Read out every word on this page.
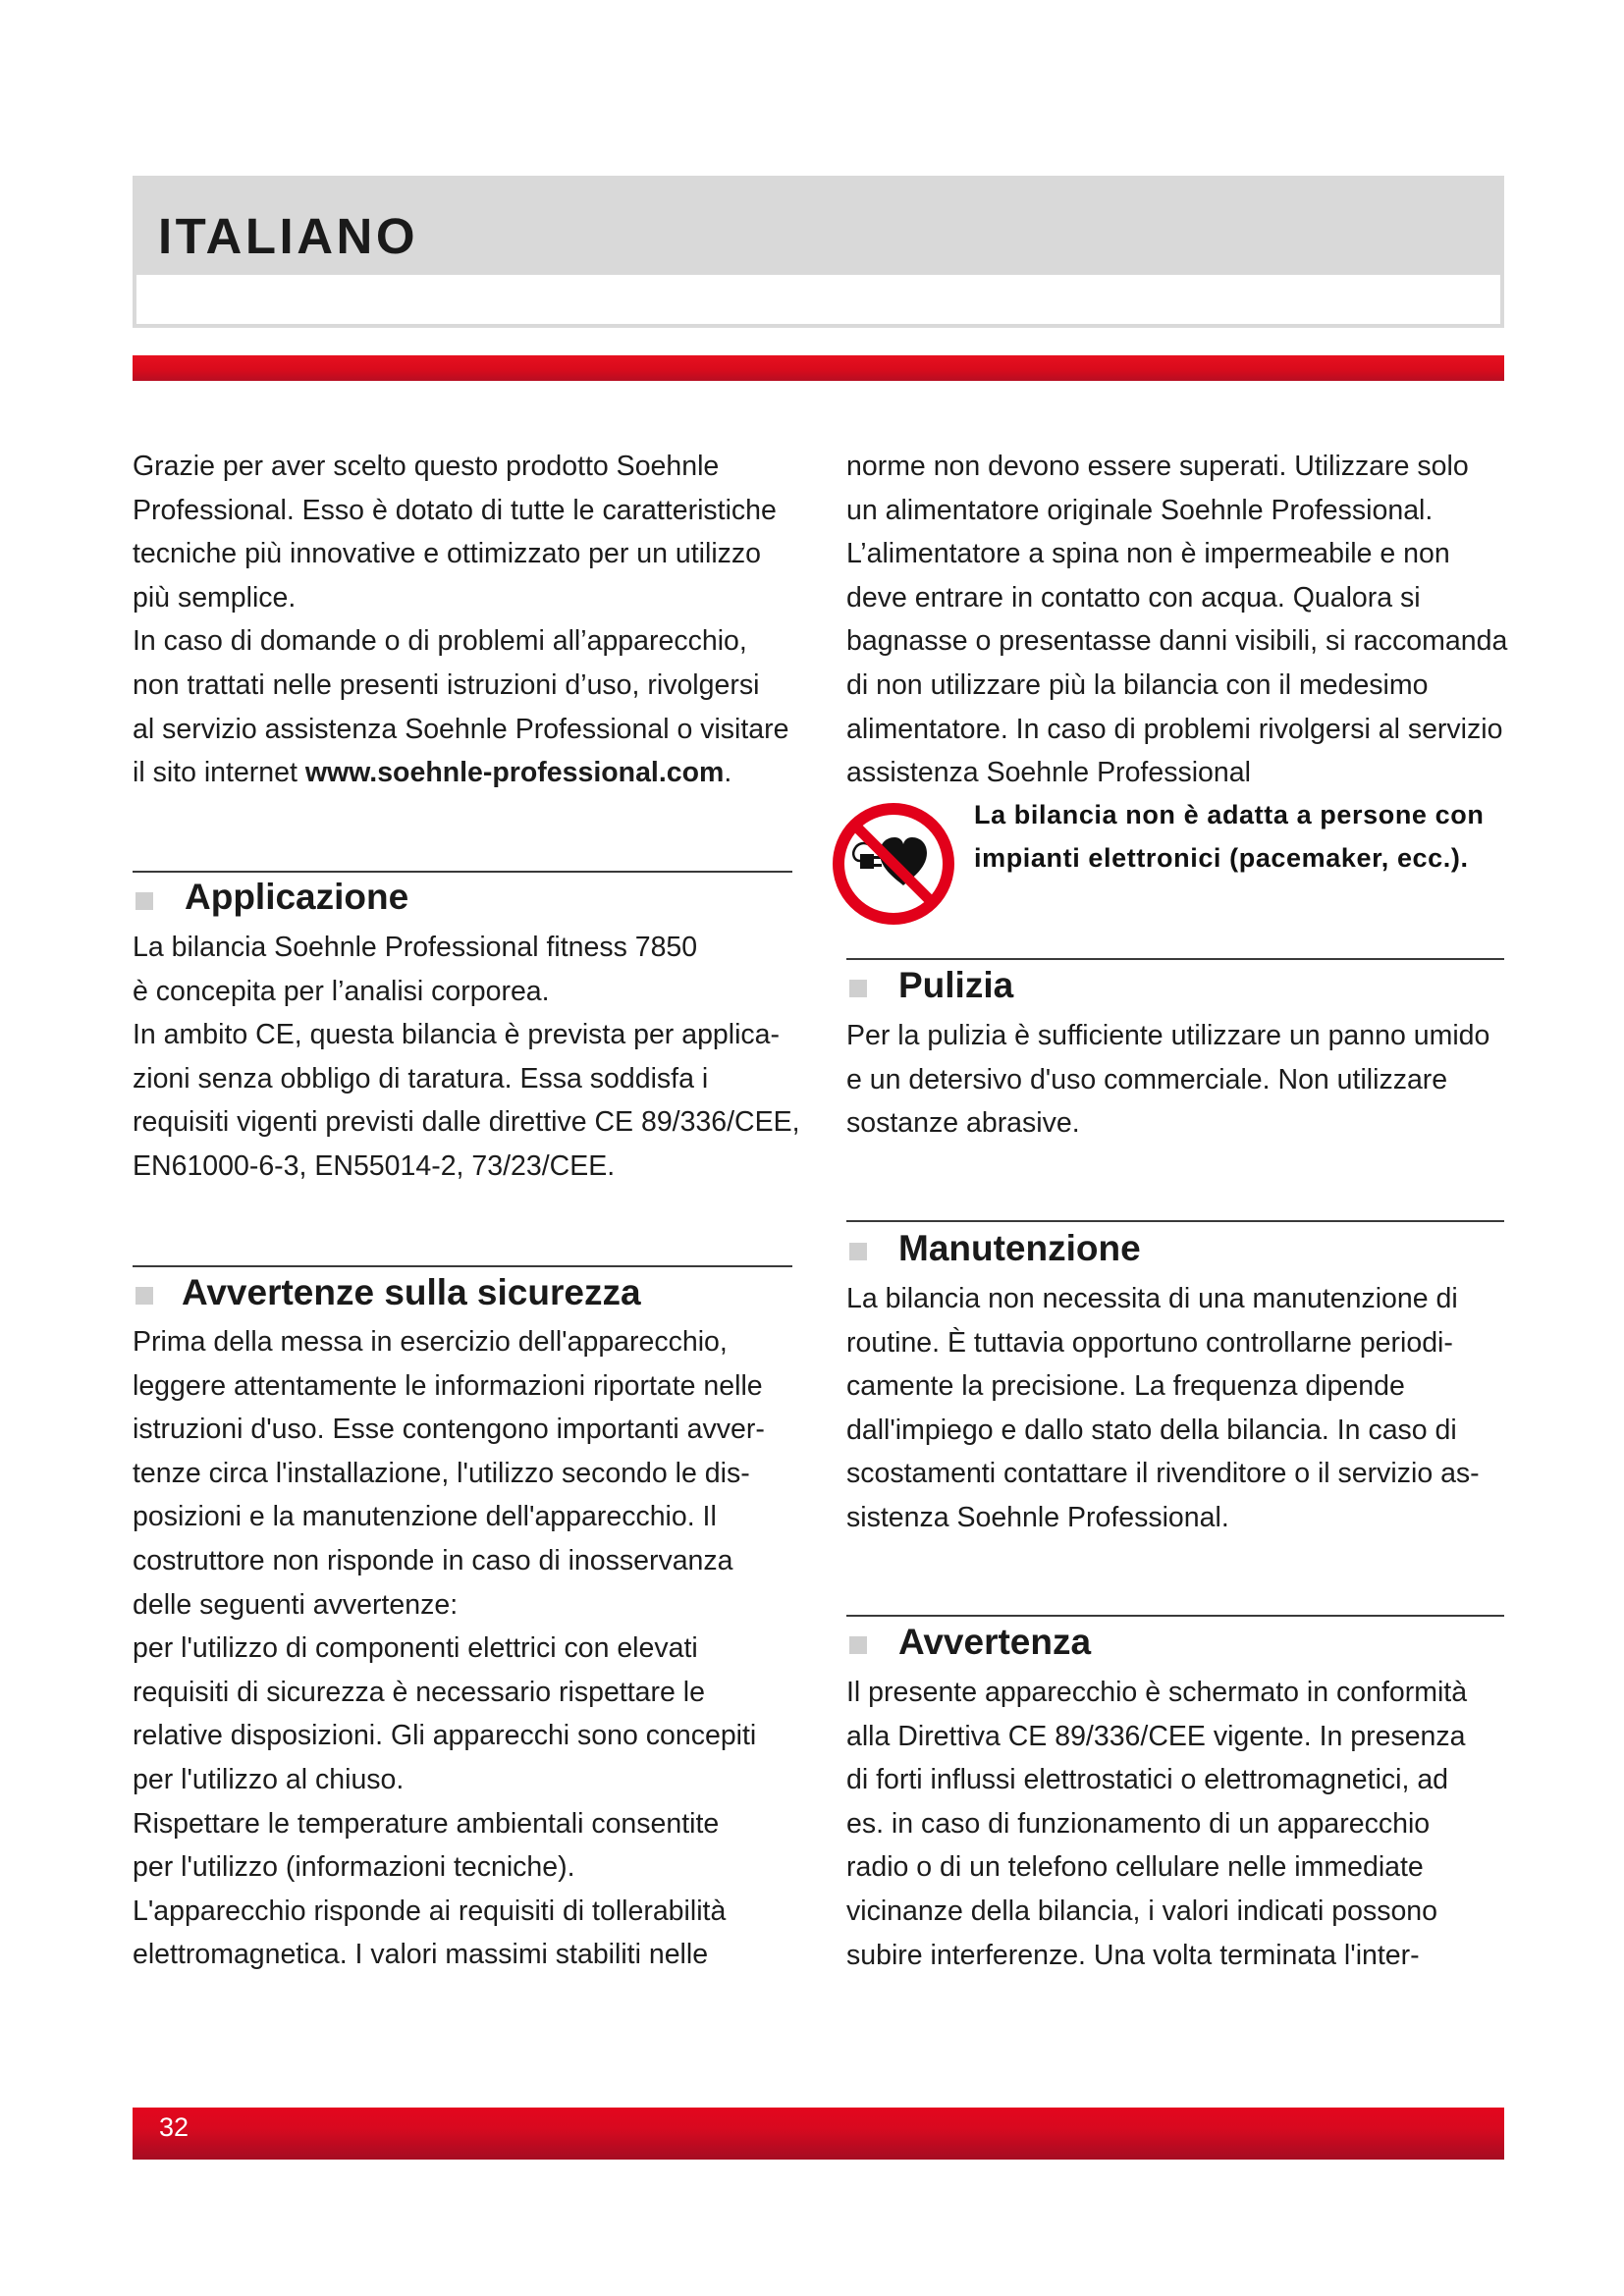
ITALIANO
Grazie per aver scelto questo prodotto Soehnle
Professional. Esso è dotato di tutte le caratteristiche
tecniche più innovative e ottimizzato per un utilizzo
più semplice.
In caso di domande o di problemi all’apparecchio,
non trattati nelle presenti istruzioni d’uso, rivolgersi
al servizio assistenza Soehnle Professional o visitare
il sito internet www.soehnle-professional.com.
Applicazione
La bilancia Soehnle Professional fitness 7850
è concepita per l’analisi corporea.
In ambito CE, questa bilancia è prevista per applica-
zioni senza obbligo di taratura. Essa soddisfa i
requisiti vigenti previsti dalle direttive CE 89/336/CEE,
EN61000-6-3, EN55014-2, 73/23/CEE.
Avvertenze sulla sicurezza
Prima della messa in esercizio dell'apparecchio,
leggere attentamente le informazioni riportate nelle
istruzioni d'uso. Esse contengono importanti avver-
tenze circa l'installazione, l'utilizzo secondo le dis-
posizioni e la manutenzione dell'apparecchio. Il
costruttore non risponde in caso di inosservanza
delle seguenti avvertenze:
per l'utilizzo di componenti elettrici con elevati
requisiti di sicurezza è necessario rispettare le
relative disposizioni. Gli apparecchi sono concepiti
per l'utilizzo al chiuso.
Rispettare le temperature ambientali consentite
per l'utilizzo (informazioni tecniche).
L'apparecchio risponde ai requisiti di tollerabilità
elettromagnetica. I valori massimi stabiliti nelle
norme non devono essere superati. Utilizzare solo
un alimentatore originale Soehnle Professional.
L’alimentatore a spina non è impermeabile e non
deve entrare in contatto con acqua. Qualora si
bagnasse o presentasse danni visibili, si raccomanda
di non utilizzare più la bilancia con il medesimo
alimentatore. In caso di problemi rivolgersi al servizio
assistenza Soehnle Professional
La bilancia non è adatta a persone con
impianti elettronici (pacemaker, ecc.).
Pulizia
Per la pulizia è sufficiente utilizzare un panno umido
e un detersivo d'uso commerciale. Non utilizzare
sostanze abrasive.
Manutenzione
La bilancia non necessita di una manutenzione di
routine. È tuttavia opportuno controllarne periodi-
camente la precisione. La frequenza dipende
dall'impiego e dallo stato della bilancia. In caso di
scostamenti contattare il rivenditore o il servizio as-
sistenza Soehnle Professional.
Avvertenza
Il presente apparecchio è schermato in conformità
alla Direttiva CE 89/336/CEE vigente. In presenza
di forti influssi elettrostatici o elettromagnetici, ad
es. in caso di funzionamento di un apparecchio
radio o di un telefono cellulare nelle immediate
vicinanze della bilancia, i valori indicati possono
subire interferenze. Una volta terminata l'inter-
32
